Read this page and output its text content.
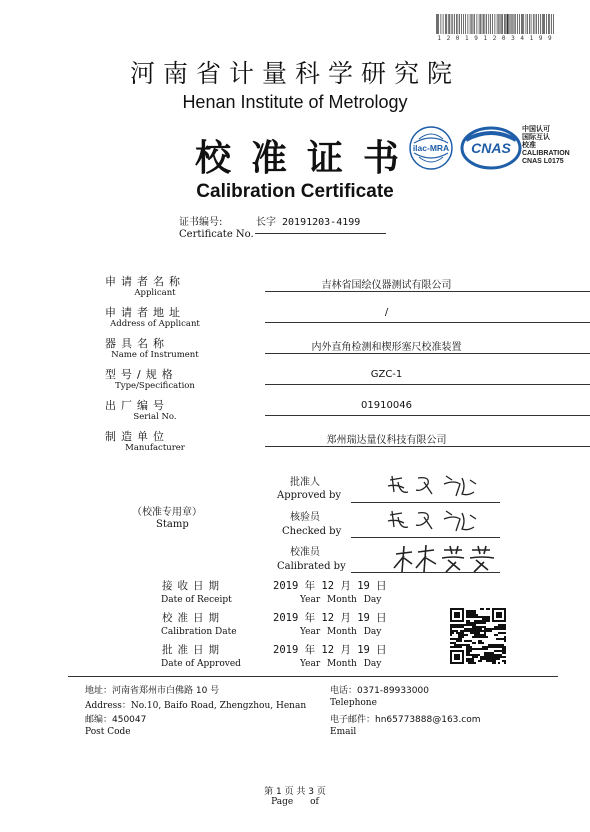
1 2 0 1 9 1 2 0 3 4 1 9 9
河南省计量科学研究院
Henan Institute of Metrology
校准证书
ilac-MRA CNAS
中国认可
国际互认
校准
CALIBRATION
CNAS L0175
Calibration Certificate
证书编号:
Certificate No.
长字 20191203-4199
申请者名称
Applicant
吉林省国绘仪器测试有限公司
申请者地址
Address of Applicant
/
器具名称
Name of Instrument
内外直角检测和楔形塞尺校准装置
型号/规格
Type/Specification
GZC-1
出厂编号
Serial No.
01910046
制造单位
Manufacturer
郑州瑞达量仪科技有限公司
（校准专用章）
Stamp
批准人
Approved by
核验员
Checked by
校准员
Calibrated by
接收日期
Date of Receipt
2019 年 12 月 19 日
Year Month Day
校准日期
Calibration Date
2019 年 12 月 19 日
Year Month Day
批准日期
Date of Approved
2019 年 12 月 19 日
Year Month Day
地址：河南省郑州市白佛路 10 号
Address：No.10, Baifo Road, Zhengzhou, Henan
邮编：450047
Post Code
电话：0371-89933000
Telephone
电子邮件：hn65773888@163.com
Email
第 1 页 共 3 页
Page of
